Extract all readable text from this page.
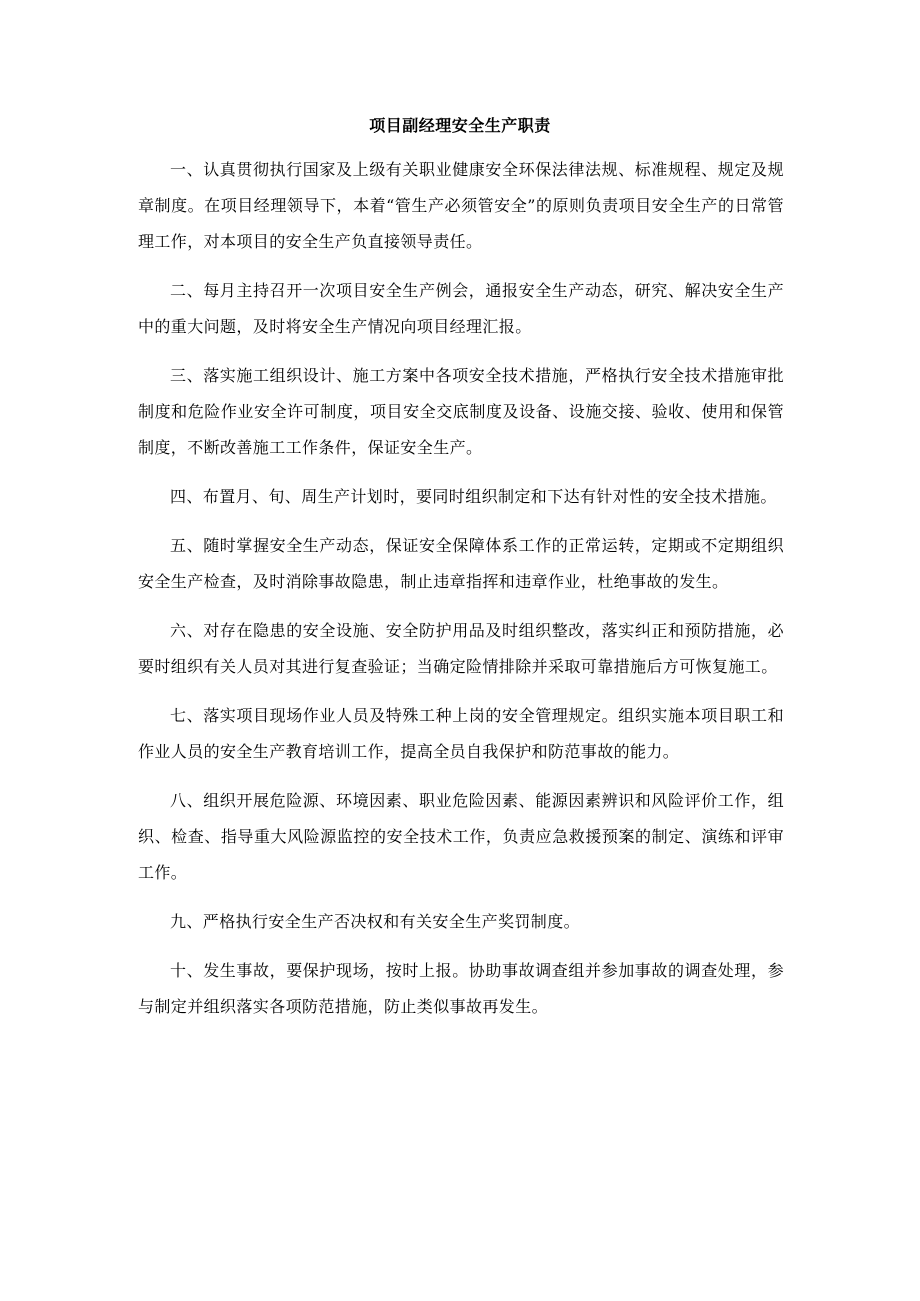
项目副经理安全生产职责

一、认真贯彻执行国家及上级有关职业健康安全环保法律法规、标准规程、规定及规章制度。在项目经理领导下，本着“管生产必须管安全”的原则负责项目安全生产的日常管理工作，对本项目的安全生产负直接领导责任。

二、每月主持召开一次项目安全生产例会，通报安全生产动态，研究、解决安全生产中的重大问题，及时将安全生产情况向项目经理汇报。

三、落实施工组织设计、施工方案中各项安全技术措施，严格执行安全技术措施审批制度和危险作业安全许可制度，项目安全交底制度及设备、设施交接、验收、使用和保管制度，不断改善施工工作条件，保证安全生产。

四、布置月、旬、周生产计划时，要同时组织制定和下达有针对性的安全技术措施。

五、随时掌握安全生产动态，保证安全保障体系工作的正常运转，定期或不定期组织安全生产检查，及时消除事故隐患，制止违章指挥和违章作业，杜绝事故的发生。

六、对存在隐患的安全设施、安全防护用品及时组织整改，落实纠正和预防措施，必要时组织有关人员对其进行复查验证；当确定险情排除并采取可靠措施后方可恢复施工。

七、落实项目现场作业人员及特殊工种上岗的安全管理规定。组织实施本项目职工和作业人员的安全生产教育培训工作，提高全员自我保护和防范事故的能力。

八、组织开展危险源、环境因素、职业危险因素、能源因素辨识和风险评价工作，组织、检查、指导重大风险源监控的安全技术工作，负责应急救援预案的制定、演练和评审工作。

九、严格执行安全生产否决权和有关安全生产奖罚制度。

十、发生事故，要保护现场，按时上报。协助事故调查组并参加事故的调查处理，参与制定并组织落实各项防范措施，防止类似事故再发生。
